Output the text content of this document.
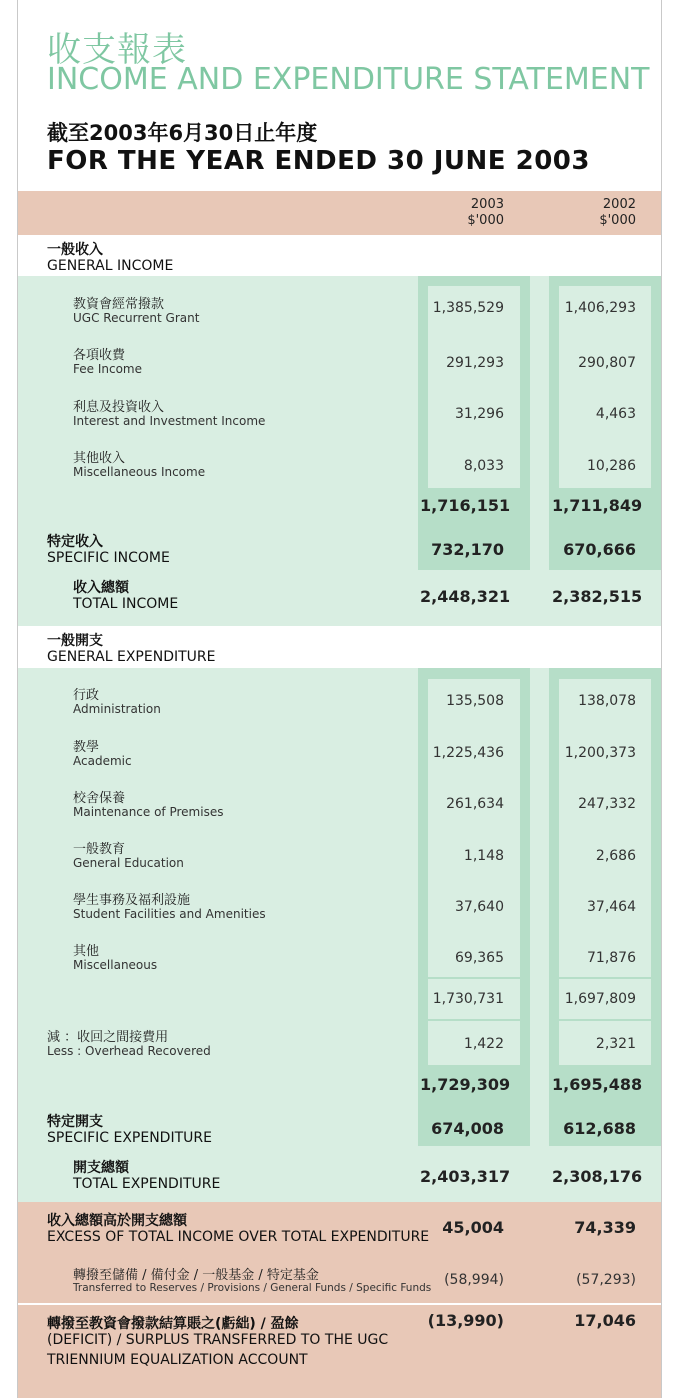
收支報表
INCOME AND EXPENDITURE STATEMENT
截至2003年6月30日止年度
FOR THE YEAR ENDED 30 JUNE 2003
2003
$'000
2002
$'000
一般收入
GENERAL INCOME
教資會經常撥款
UGC Recurrent Grant
1,385,529	1,406,293
各項收費
Fee Income	291,293	290,807
利息及投資收入
Interest and Investment Income	31,296	4,463
其他收入
Miscellaneous Income	8,033	10,286
1,716,151	1,711,849
特定收入
SPECIFIC INCOME	732,170	670,666
收入總額
TOTAL INCOME	2,448,321	2,382,515
一般開支
GENERAL EXPENDITURE
行政
Administration	135,508	138,078
教學
Academic	1,225,436	1,200,373
校舍保養
Maintenance of Premises	261,634	247,332
一般教育
General Education	1,148	2,686
學生事務及福利設施
Student Facilities and Amenities	37,640	37,464
其他
Miscellaneous	69,365	71,876
1,730,731	1,697,809
減 ：收回之間接費用
Less : Overhead Recovered	1,422	2,321
1,729,309	1,695,488
特定開支
SPECIFIC EXPENDITURE	674,008	612,688
開支總額
TOTAL EXPENDITURE	2,403,317	2,308,176
收入總額高於開支總額
EXCESS OF TOTAL INCOME OVER TOTAL EXPENDITURE 45,004	74,339
轉撥至儲備 / 備付金 / 一般基金 / 特定基金
Transferred to Reserves / Provisions / General Funds / Specific Funds (58,994)	(57,293)
轉撥至教資會撥款結算賬之(虧絀) / 盈餘
(DEFICIT) / SURPLUS TRANSFERRED TO THE UGC
TRIENNIUM EQUALIZATION ACCOUNT
(13,990)	17,046
